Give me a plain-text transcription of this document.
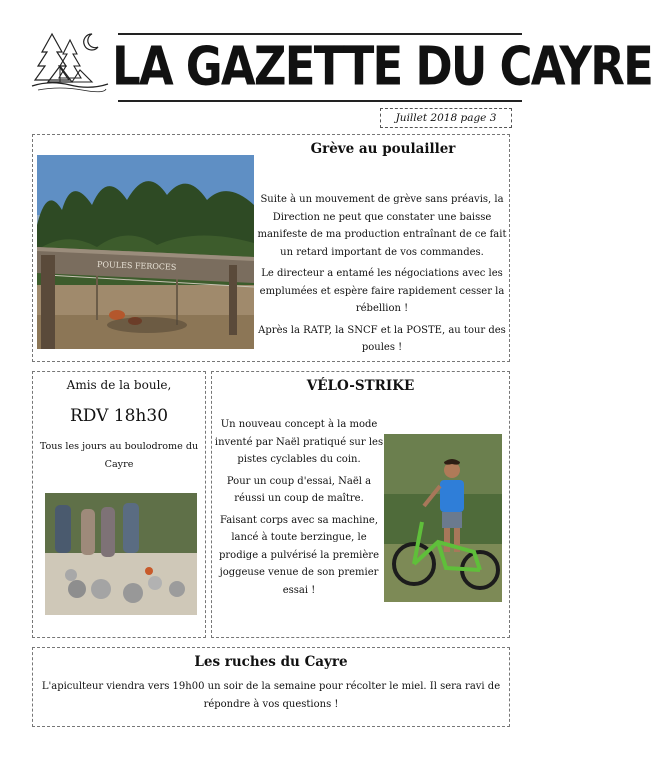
LA GAZETTE DU CAYRE
Juillet 2018 page 3
POULES FEROCES
Grève au poulailler

Suite à un mouvement de grève sans préavis, la Direction ne peut que constater une baisse manifeste de ma production entraînant de ce fait un retard important de vos commandes.

Le directeur a entamé les négociations avec les emplumées et espère faire rapidement cesser la rébellion !

Après la RATP, la SNCF et la POSTE, au tour des poules !

Amis de la boule,
RDV 18h30
Tous les jours au boulodrome du Cayre
VÉLO-STRIKE

Un nouveau concept à la mode inventé par Naël pratiqué sur les pistes cyclables du coin.

Pour un coup d'essai, Naël a réussi un coup de maître.

Faisant corps avec sa machine, lancé à toute berzingue, le prodige a pulvérisé la première joggeuse venue de son premier essai !

Les ruches du Cayre
L'apiculteur viendra vers 19h00 un soir de la semaine pour récolter le miel. Il sera ravi de répondre à vos questions !
